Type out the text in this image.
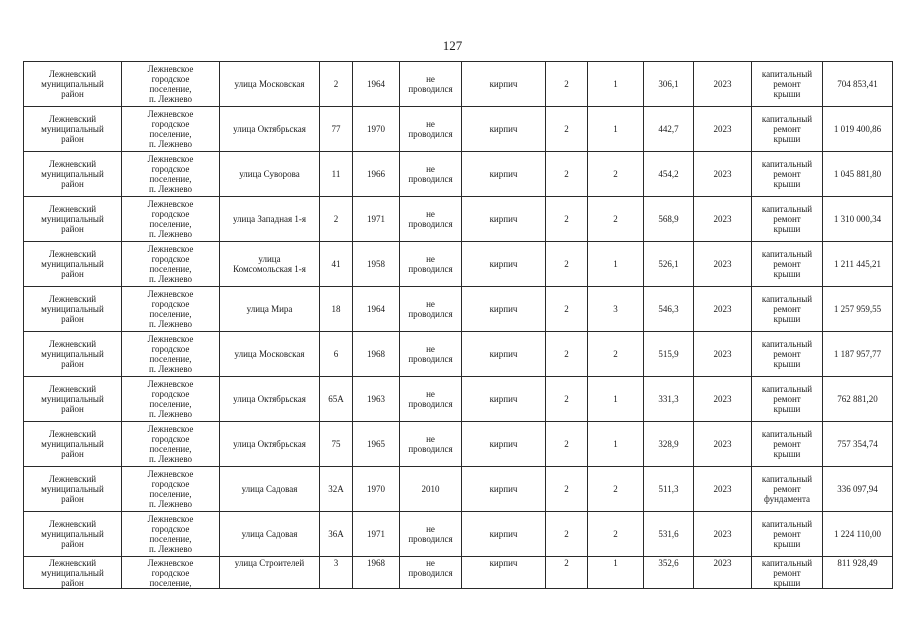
127
Лежневский
муниципальный
район	Лежневское
городское
поселение,
п. Лежнево	улица Московская	2	1964	не
проводился	кирпич	2	1	306,1	2023	капитальный
ремонт
крыши	704 853,41
Лежневский
муниципальный
район	Лежневское
городское
поселение,
п. Лежнево	улица Октябрьская	77	1970	не
проводился	кирпич	2	1	442,7	2023	капитальный
ремонт
крыши	1 019 400,86
Лежневский
муниципальный
район	Лежневское
городское
поселение,
п. Лежнево	улица Суворова	11	1966	не
проводился	кирпич	2	2	454,2	2023	капитальный
ремонт
крыши	1 045 881,80
Лежневский
муниципальный
район	Лежневское
городское
поселение,
п. Лежнево	улица Западная 1-я	2	1971	не
проводился	кирпич	2	2	568,9	2023	капитальный
ремонт
крыши	1 310 000,34
Лежневский
муниципальный
район	Лежневское
городское
поселение,
п. Лежнево	улица
Комсомольская 1-я	41	1958	не
проводился	кирпич	2	1	526,1	2023	капитальный
ремонт
крыши	1 211 445,21
Лежневский
муниципальный
район	Лежневское
городское
поселение,
п. Лежнево	улица Мира	18	1964	не
проводился	кирпич	2	3	546,3	2023	капитальный
ремонт
крыши	1 257 959,55
Лежневский
муниципальный
район	Лежневское
городское
поселение,
п. Лежнево	улица Московская	6	1968	не
проводился	кирпич	2	2	515,9	2023	капитальный
ремонт
крыши	1 187 957,77
Лежневский
муниципальный
район	Лежневское
городское
поселение,
п. Лежнево	улица Октябрьская	65А	1963	не
проводился	кирпич	2	1	331,3	2023	капитальный
ремонт
крыши	762 881,20
Лежневский
муниципальный
район	Лежневское
городское
поселение,
п. Лежнево	улица Октябрьская	75	1965	не
проводился	кирпич	2	1	328,9	2023	капитальный
ремонт
крыши	757 354,74
Лежневский
муниципальный
район	Лежневское
городское
поселение,
п. Лежнево	улица Садовая	32А	1970	2010	кирпич	2	2	511,3	2023	капитальный
ремонт
фундамента	336 097,94
Лежневский
муниципальный
район	Лежневское
городское
поселение,
п. Лежнево	улица Садовая	36А	1971	не
проводился	кирпич	2	2	531,6	2023	капитальный
ремонт
крыши	1 224 110,00
Лежневский
муниципальный
район	Лежневское
городское
поселение,	улица Строителей	3	1968	не
проводился	кирпич	2	1	352,6	2023	капитальный
ремонт
крыши	811 928,49
